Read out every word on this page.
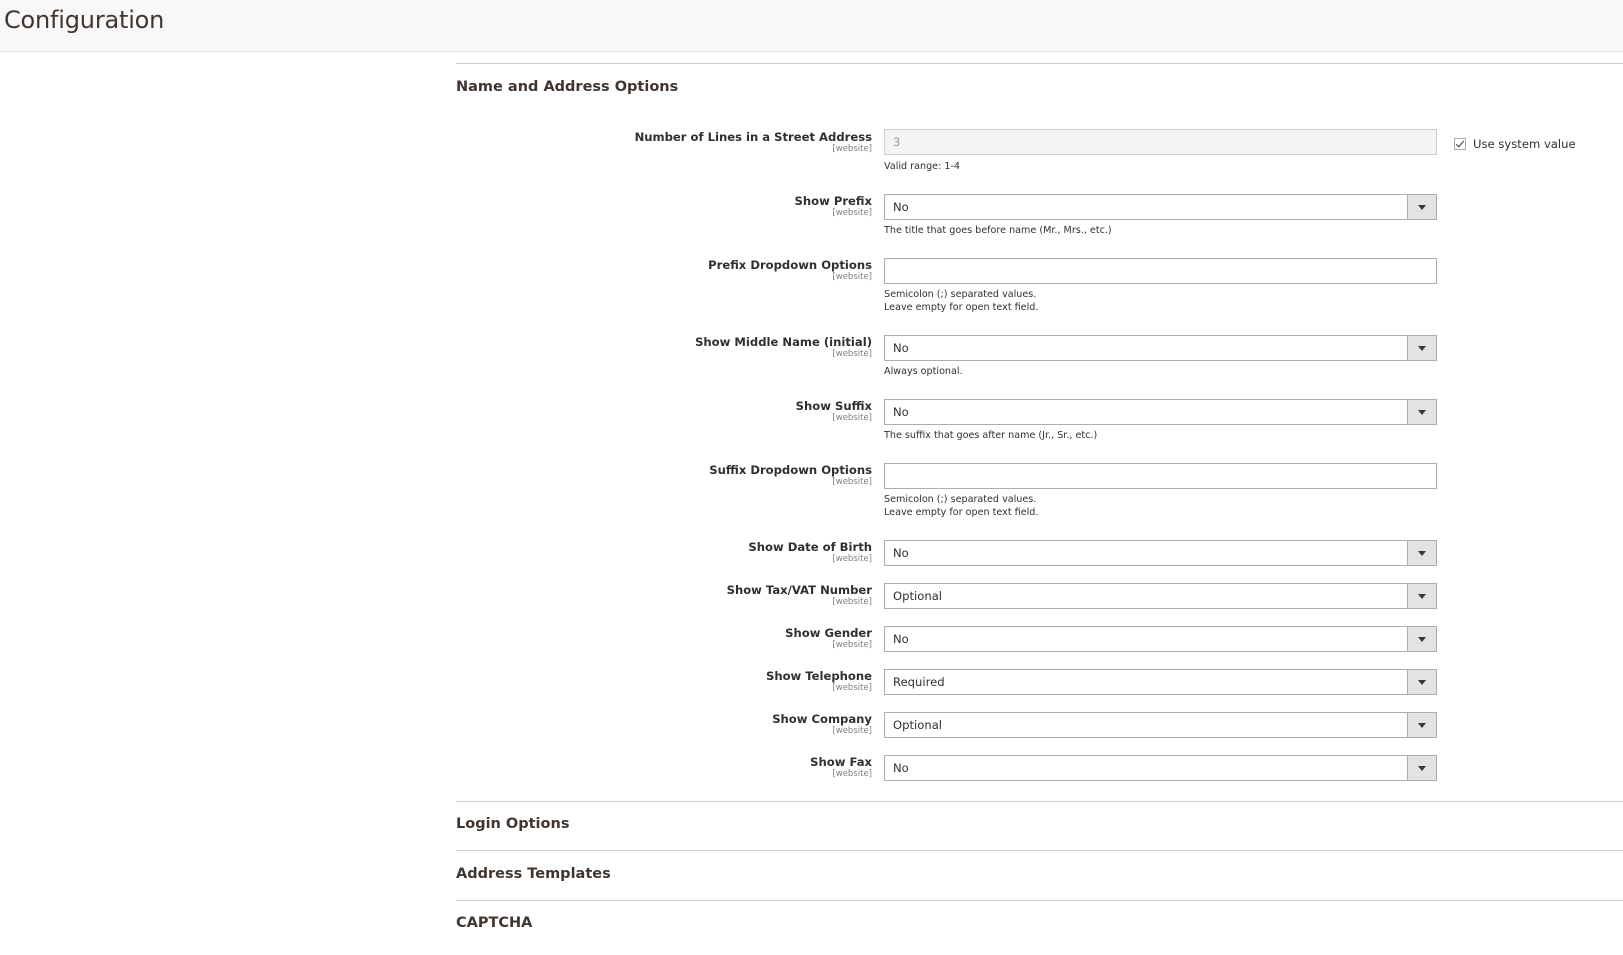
Configuration
Name and Address Options
Number of Lines in a Street Address
[website] 3
Valid range: 1-4
Use system value
Show Prefix
[website] No
The title that goes before name (Mr., Mrs., etc.)
Prefix Dropdown Options
[website]
Semicolon (;) separated values.
Leave empty for open text field.
Show Middle Name (initial)
[website] No
Always optional.
Show Suffix
[website] No
The suffix that goes after name (Jr., Sr., etc.)
Suffix Dropdown Options
[website]
Semicolon (;) separated values.
Leave empty for open text field.
Show Date of Birth
[website] No
Show Tax/VAT Number
[website] Optional
Show Gender
[website] No
Show Telephone
[website] Required
Show Company
[website] Optional
Show Fax
[website] No
Login Options
Address Templates
CAPTCHA
